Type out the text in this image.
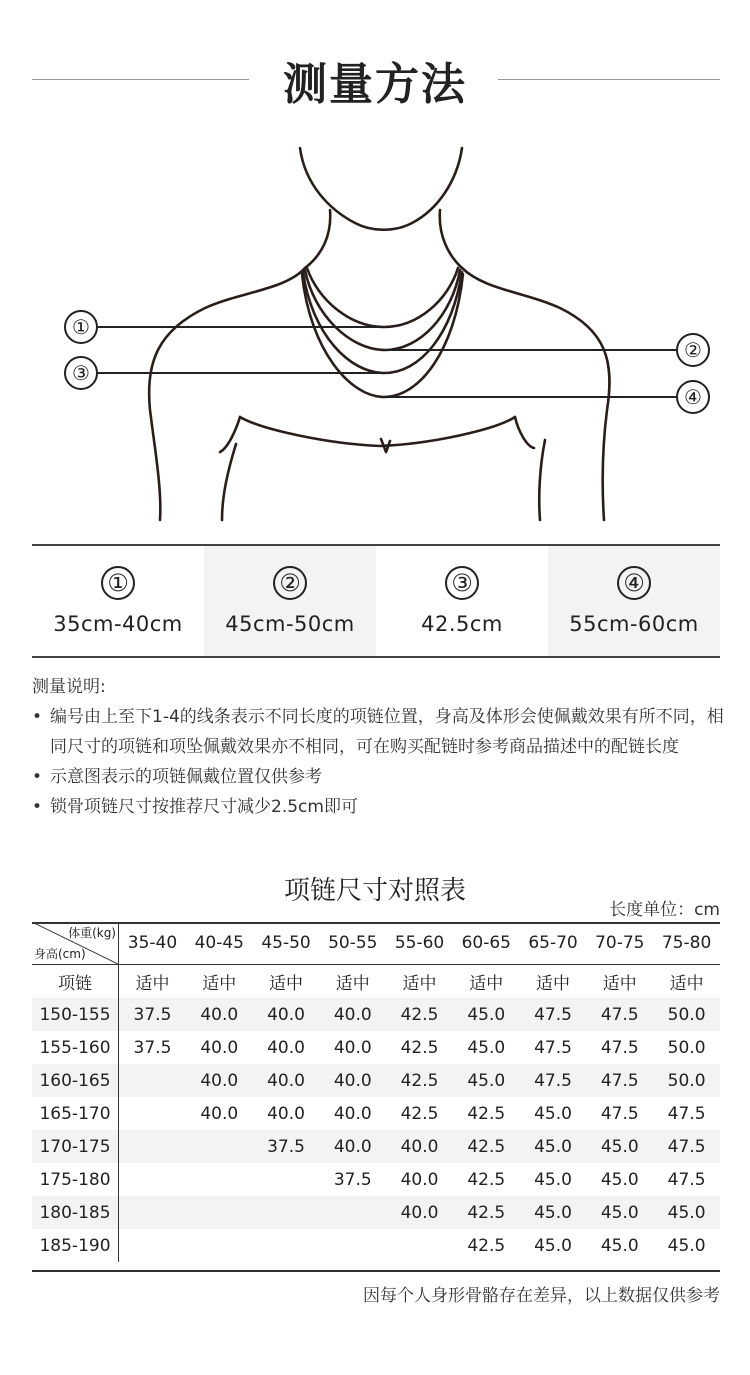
测量方法
①
②
③
④
①
35cm-40cm
②
45cm-50cm
③
42.5cm
④
55cm-60cm
测量说明:
• 编号由上至下1-4的线条表示不同长度的项链位置，身高及体形会使佩戴效果有所不同，相同尺寸的项链和项坠佩戴效果亦不相同，可在购买配链时参考商品描述中的配链长度
• 示意图表示的项链佩戴位置仅供参考
• 锁骨项链尺寸按推荐尺寸减少2.5cm即可
项链尺寸对照表
长度单位：cm
体重(kg)
身高(cm)	35-40	40-45	45-50	50-55	55-60	60-65	65-70	70-75	75-80
项链	适中	适中	适中	适中	适中	适中	适中	适中	适中
150-155	37.5	40.0	40.0	40.0	42.5	45.0	47.5	47.5	50.0
155-160	37.5	40.0	40.0	40.0	42.5	45.0	47.5	47.5	50.0
160-165		40.0	40.0	40.0	42.5	45.0	47.5	47.5	50.0
165-170		40.0	40.0	40.0	42.5	42.5	45.0	47.5	47.5
170-175			37.5	40.0	40.0	42.5	45.0	45.0	47.5
175-180				37.5	40.0	42.5	45.0	45.0	47.5
180-185					40.0	42.5	45.0	45.0	45.0
185-190						42.5	45.0	45.0	45.0
因每个人身形骨骼存在差异，以上数据仅供参考
